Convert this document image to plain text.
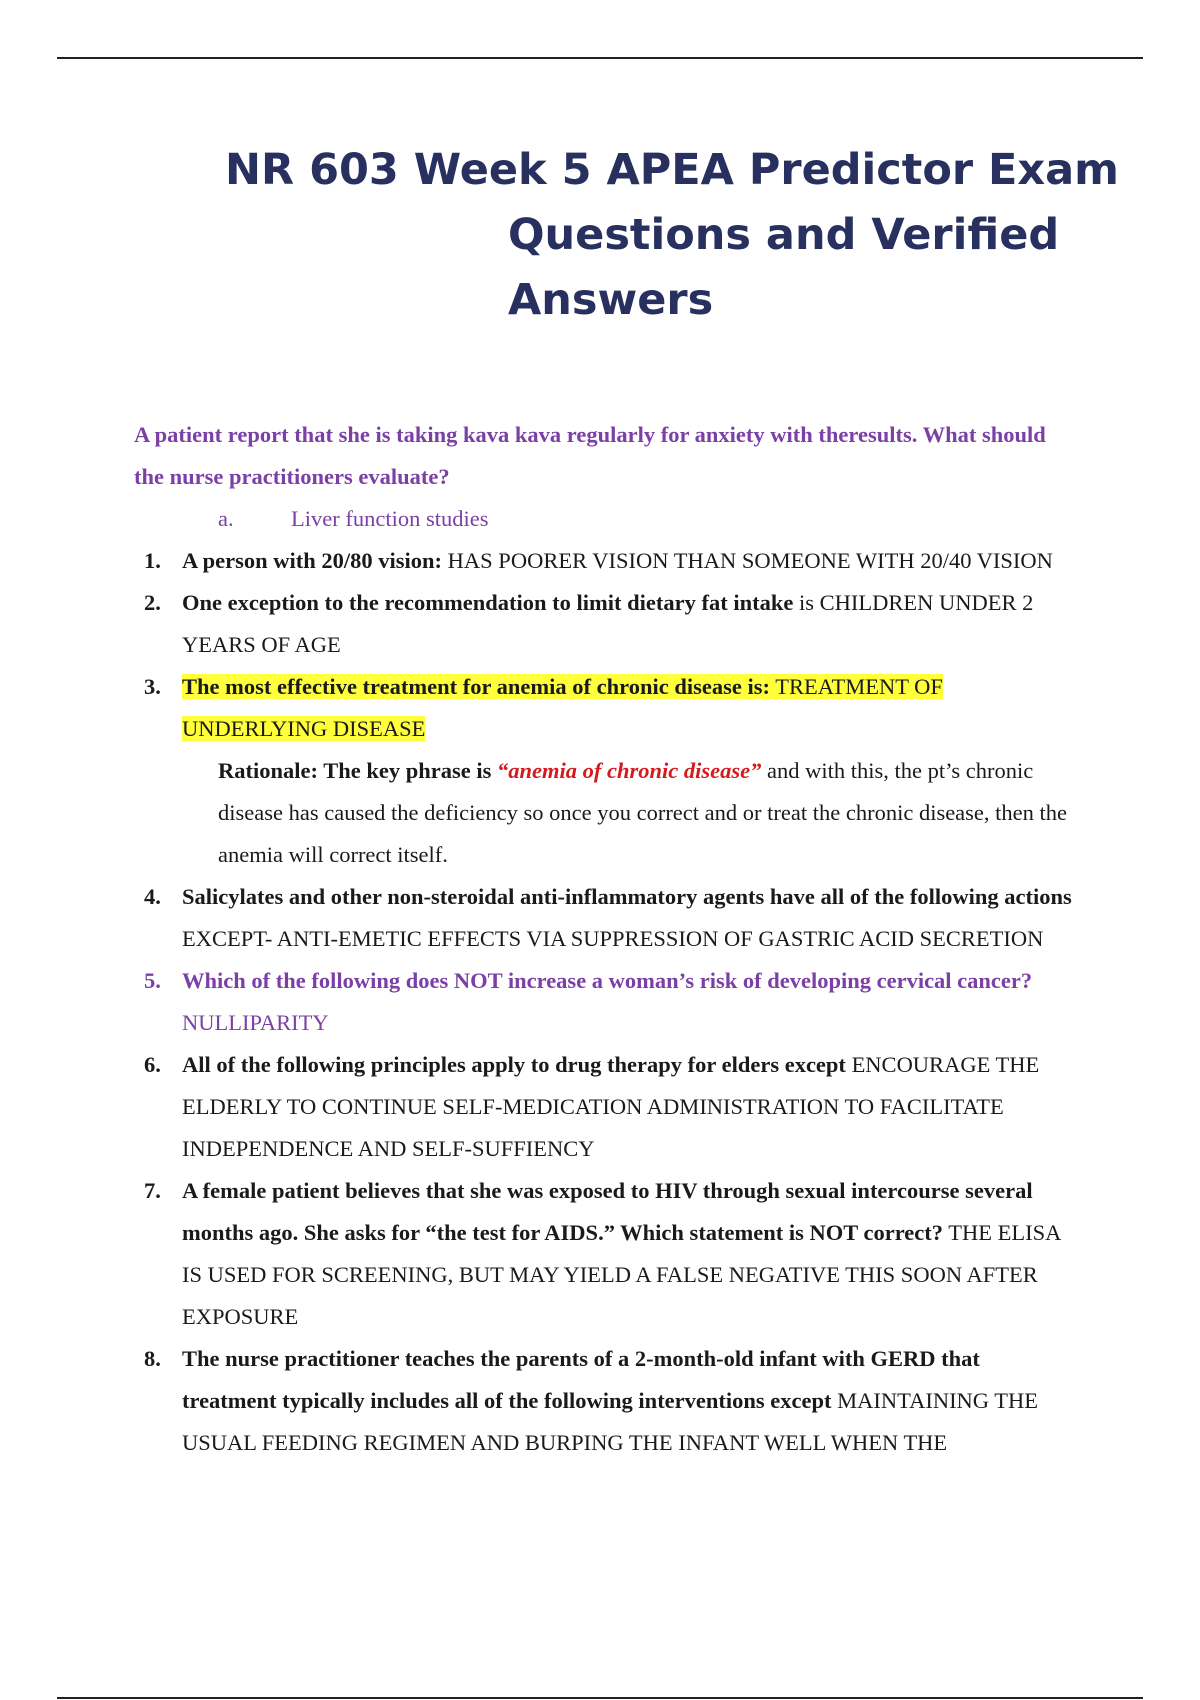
NR 603 Week 5 APEA Predictor Exam
Questions and Verified
Answers

A patient report that she is taking kava kava regularly for anxiety with theresults. What should the nurse practitioners evaluate?

a.	Liver function studies

1. A person with 20/80 vision: HAS POORER VISION THAN SOMEONE WITH 20/40 VISION
2. One exception to the recommendation to limit dietary fat intake is CHILDREN UNDER 2 YEARS OF AGE
3. The most effective treatment for anemia of chronic disease is: TREATMENT OF UNDERLYING DISEASE
Rationale: The key phrase is “anemia of chronic disease” and with this, the pt’s chronic disease has caused the deficiency so once you correct and or treat the chronic disease, then the anemia will correct itself.
4. Salicylates and other non-steroidal anti-inflammatory agents have all of the following actions EXCEPT- ANTI-EMETIC EFFECTS VIA SUPPRESSION OF GASTRIC ACID SECRETION
5. Which of the following does NOT increase a woman’s risk of developing cervical cancer? NULLIPARITY
6. All of the following principles apply to drug therapy for elders except ENCOURAGE THE ELDERLY TO CONTINUE SELF-MEDICATION ADMINISTRATION TO FACILITATE INDEPENDENCE AND SELF-SUFFIENCY
7. A female patient believes that she was exposed to HIV through sexual intercourse several months ago. She asks for “the test for AIDS.” Which statement is NOT correct? THE ELISA IS USED FOR SCREENING, BUT MAY YIELD A FALSE NEGATIVE THIS SOON AFTER EXPOSURE
8. The nurse practitioner teaches the parents of a 2-month-old infant with GERD that treatment typically includes all of the following interventions except MAINTAINING THE USUAL FEEDING REGIMEN AND BURPING THE INFANT WELL WHEN THE
